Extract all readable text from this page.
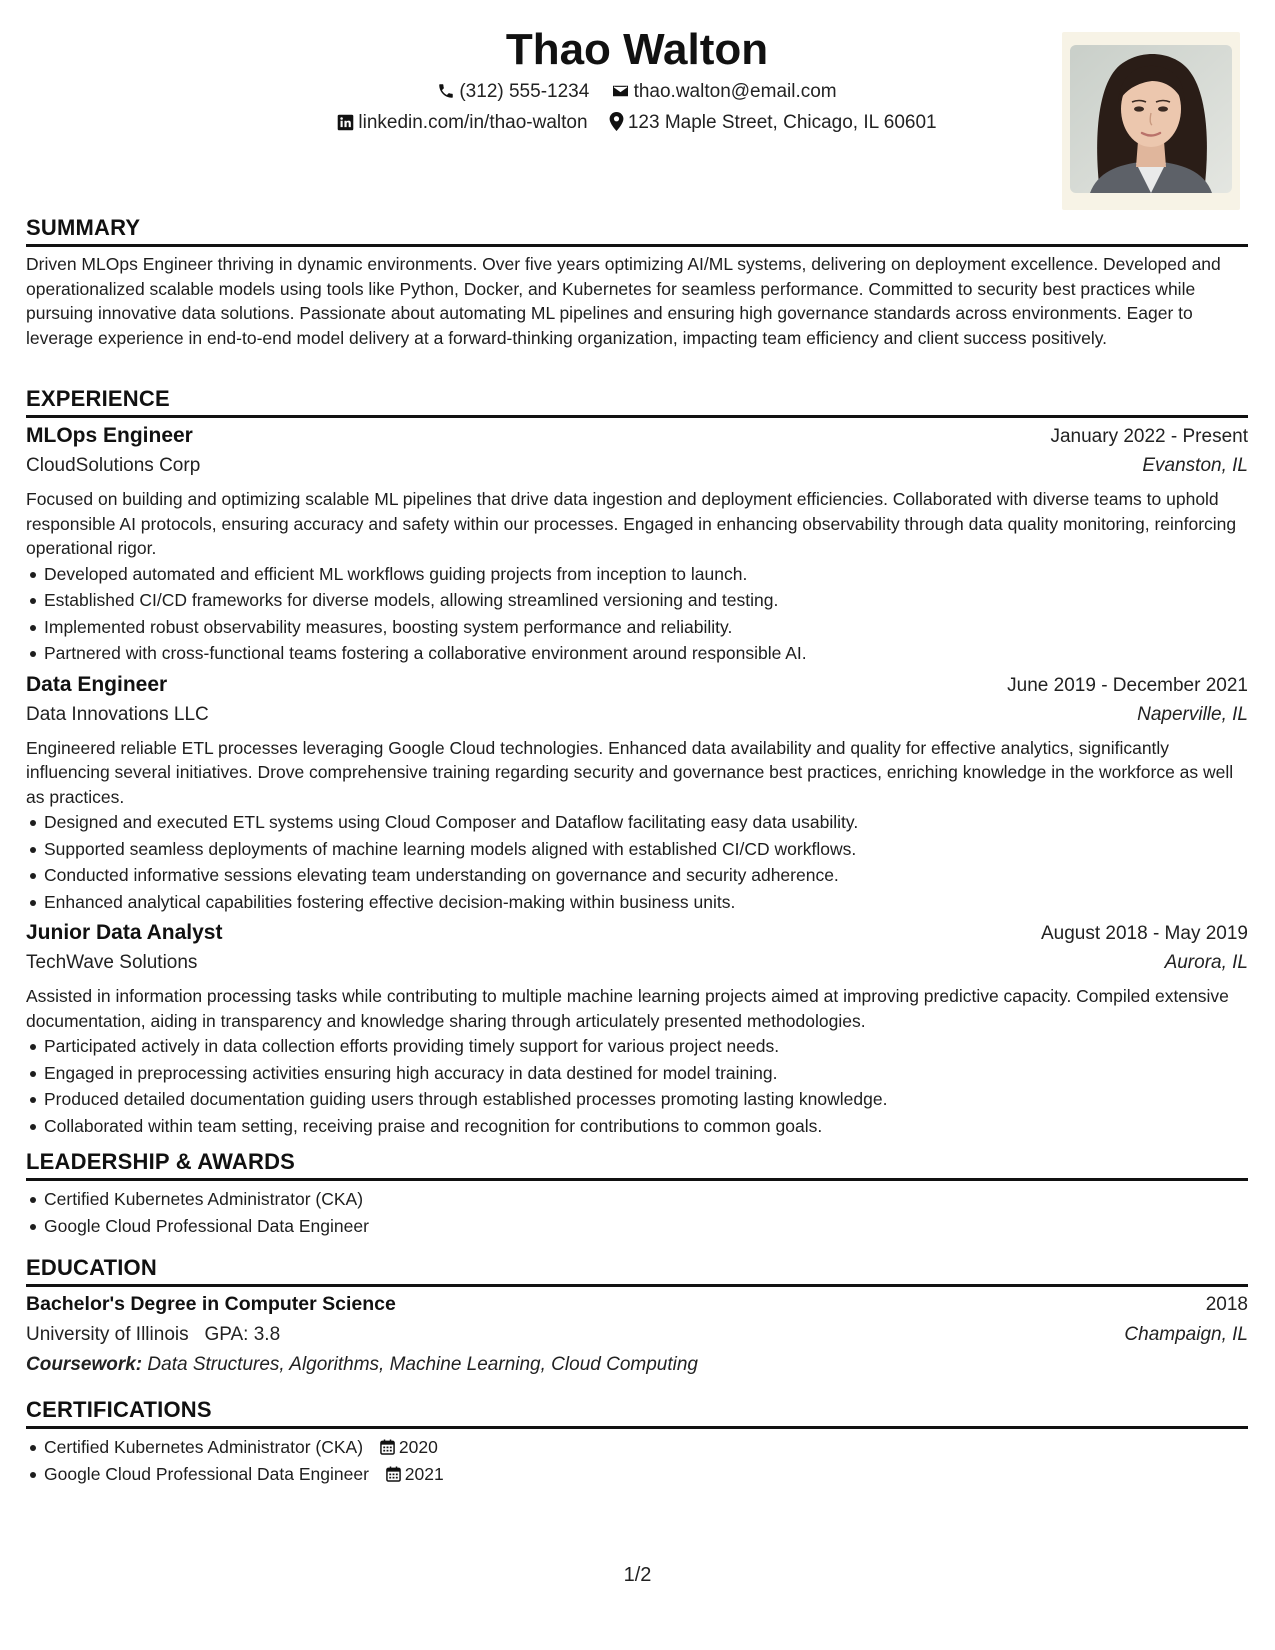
Thao Walton
(312) 555-1234 thao.walton@email.com
linkedin.com/in/thao-walton 123 Maple Street, Chicago, IL 60601
SUMMARY
Driven MLOps Engineer thriving in dynamic environments. Over five years optimizing AI/ML systems, delivering on deployment excellence. Developed and operationalized scalable models using tools like Python, Docker, and Kubernetes for seamless performance. Committed to security best practices while pursuing innovative data solutions. Passionate about automating ML pipelines and ensuring high governance standards across environments. Eager to leverage experience in end-to-end model delivery at a forward-thinking organization, impacting team efficiency and client success positively.
EXPERIENCE
MLOps Engineer	January 2022 - Present
CloudSolutions Corp	Evanston, IL
Focused on building and optimizing scalable ML pipelines that drive data ingestion and deployment efficiencies. Collaborated with diverse teams to uphold responsible AI protocols, ensuring accuracy and safety within our processes. Engaged in enhancing observability through data quality monitoring, reinforcing operational rigor.
Developed automated and efficient ML workflows guiding projects from inception to launch.
Established CI/CD frameworks for diverse models, allowing streamlined versioning and testing.
Implemented robust observability measures, boosting system performance and reliability.
Partnered with cross-functional teams fostering a collaborative environment around responsible AI.
Data Engineer	June 2019 - December 2021
Data Innovations LLC	Naperville, IL
Engineered reliable ETL processes leveraging Google Cloud technologies. Enhanced data availability and quality for effective analytics, significantly influencing several initiatives. Drove comprehensive training regarding security and governance best practices, enriching knowledge in the workforce as well as practices.
Designed and executed ETL systems using Cloud Composer and Dataflow facilitating easy data usability.
Supported seamless deployments of machine learning models aligned with established CI/CD workflows.
Conducted informative sessions elevating team understanding on governance and security adherence.
Enhanced analytical capabilities fostering effective decision-making within business units.
Junior Data Analyst	August 2018 - May 2019
TechWave Solutions	Aurora, IL
Assisted in information processing tasks while contributing to multiple machine learning projects aimed at improving predictive capacity. Compiled extensive documentation, aiding in transparency and knowledge sharing through articulately presented methodologies.
Participated actively in data collection efforts providing timely support for various project needs.
Engaged in preprocessing activities ensuring high accuracy in data destined for model training.
Produced detailed documentation guiding users through established processes promoting lasting knowledge.
Collaborated within team setting, receiving praise and recognition for contributions to common goals.
LEADERSHIP & AWARDS
Certified Kubernetes Administrator (CKA)
Google Cloud Professional Data Engineer
EDUCATION
Bachelor's Degree in Computer Science	2018
University of Illinois GPA: 3.8	Champaign, IL
Coursework: Data Structures, Algorithms, Machine Learning, Cloud Computing
CERTIFICATIONS
Certified Kubernetes Administrator (CKA) 2020
Google Cloud Professional Data Engineer 2021
1/2
